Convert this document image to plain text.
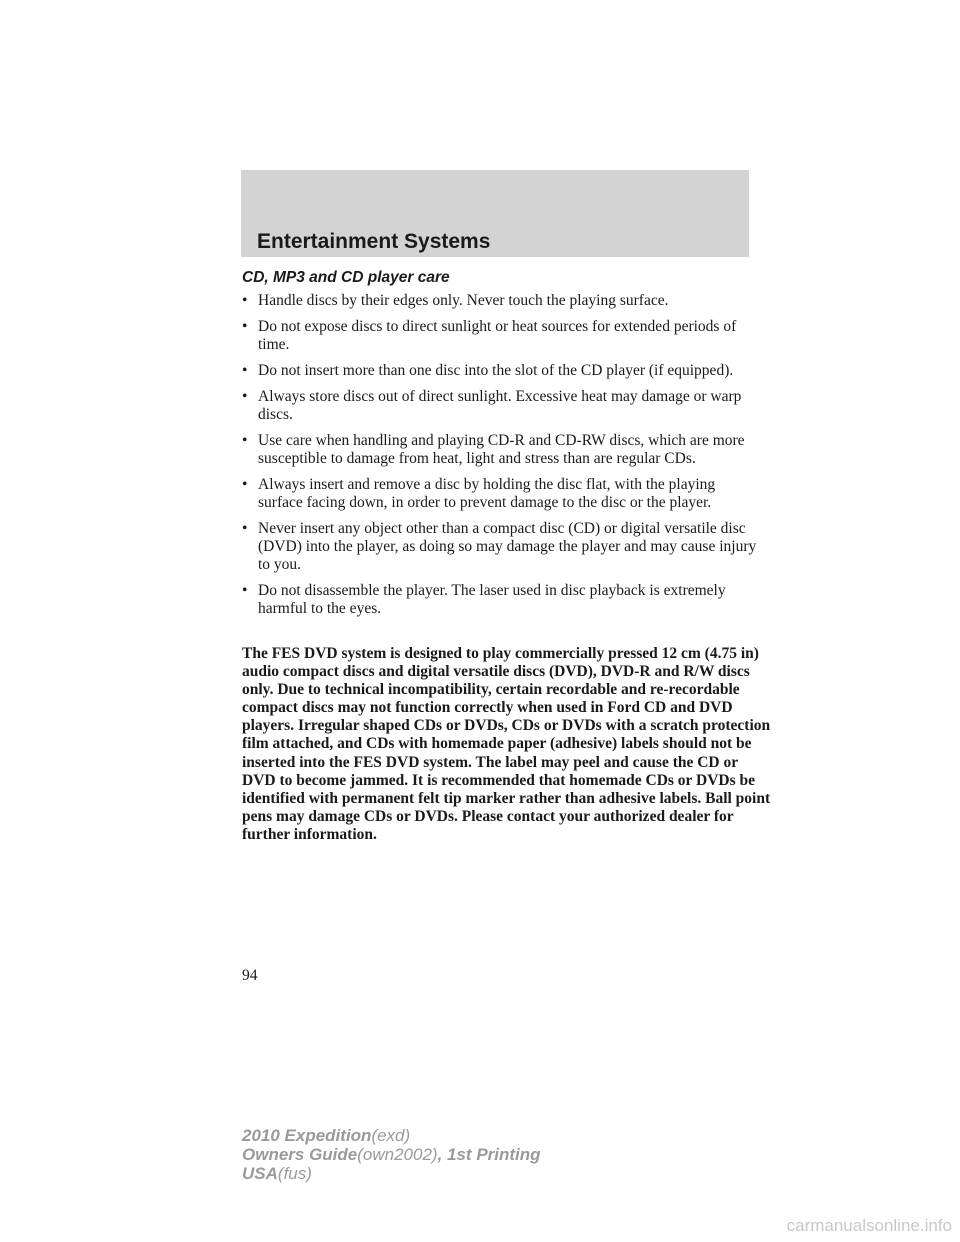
Entertainment Systems
CD, MP3 and CD player care
• Handle discs by their edges only. Never touch the playing surface.
• Do not expose discs to direct sunlight or heat sources for extended periods of time.
• Do not insert more than one disc into the slot of the CD player (if equipped).
• Always store discs out of direct sunlight. Excessive heat may damage or warp discs.
• Use care when handling and playing CD-R and CD-RW discs, which are more susceptible to damage from heat, light and stress than are regular CDs.
• Always insert and remove a disc by holding the disc flat, with the playing surface facing down, in order to prevent damage to the disc or the player.
• Never insert any object other than a compact disc (CD) or digital versatile disc (DVD) into the player, as doing so may damage the player and may cause injury to you.
• Do not disassemble the player. The laser used in disc playback is extremely harmful to the eyes.

The FES DVD system is designed to play commercially pressed 12 cm (4.75 in) audio compact discs and digital versatile discs (DVD), DVD-R and R/W discs only. Due to technical incompatibility, certain recordable and re-recordable compact discs may not function correctly when used in Ford CD and DVD players. Irregular shaped CDs or DVDs, CDs or DVDs with a scratch protection film attached, and CDs with homemade paper (adhesive) labels should not be inserted into the FES DVD system. The label may peel and cause the CD or DVD to become jammed. It is recommended that homemade CDs or DVDs be identified with permanent felt tip marker rather than adhesive labels. Ball point pens may damage CDs or DVDs. Please contact your authorized dealer for further information.

94
2010 Expedition(exd)
Owners Guide(own2002), 1st Printing
USA(fus)
carmanualsonline.info
